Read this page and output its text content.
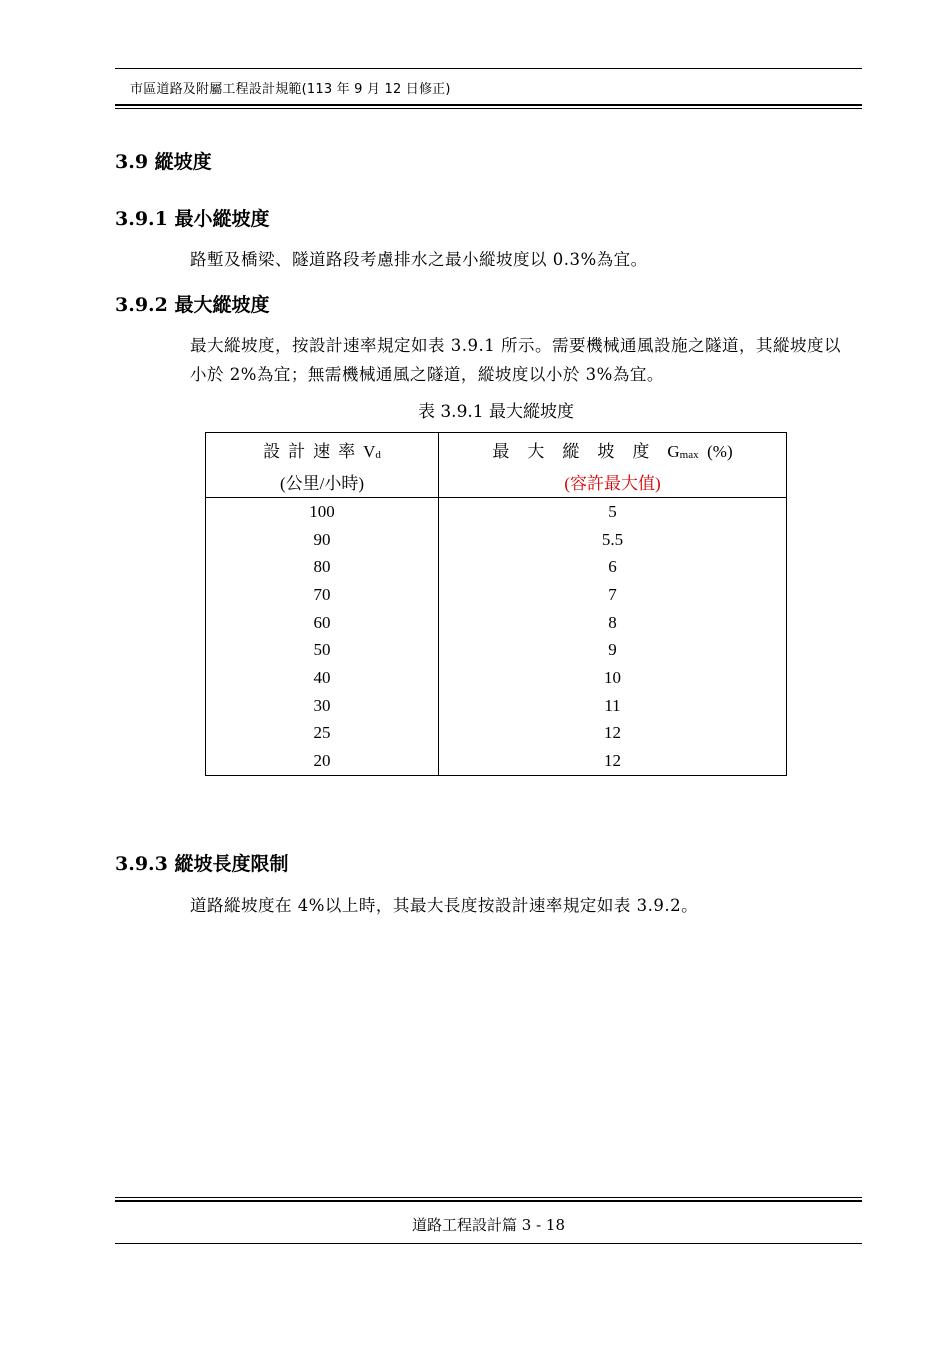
市區道路及附屬工程設計規範(113 年 9 月 12 日修正)
3.9 縱坡度
3.9.1 最小縱坡度
路塹及橋梁、隧道路段考慮排水之最小縱坡度以 0.3%為宜。
3.9.2 最大縱坡度
最大縱坡度，按設計速率規定如表 3.9.1 所示。需要機械通風設施之隧道，其縱坡度以小於 2%為宜；無需機械通風之隧道，縱坡度以小於 3%為宜。
表 3.9.1 最大縱坡度
設計速率$V_d$	最大縱坡度$G_{max}$ (%)
(公里/小時)	(容許最大值)
100	5
90	5.5
80	6
70	7
60	8
50	9
40	10
30	11
25	12
20	12
3.9.3 縱坡長度限制
道路縱坡度在 4%以上時，其最大長度按設計速率規定如表 3.9.2。
道路工程設計篇 3 - 18
